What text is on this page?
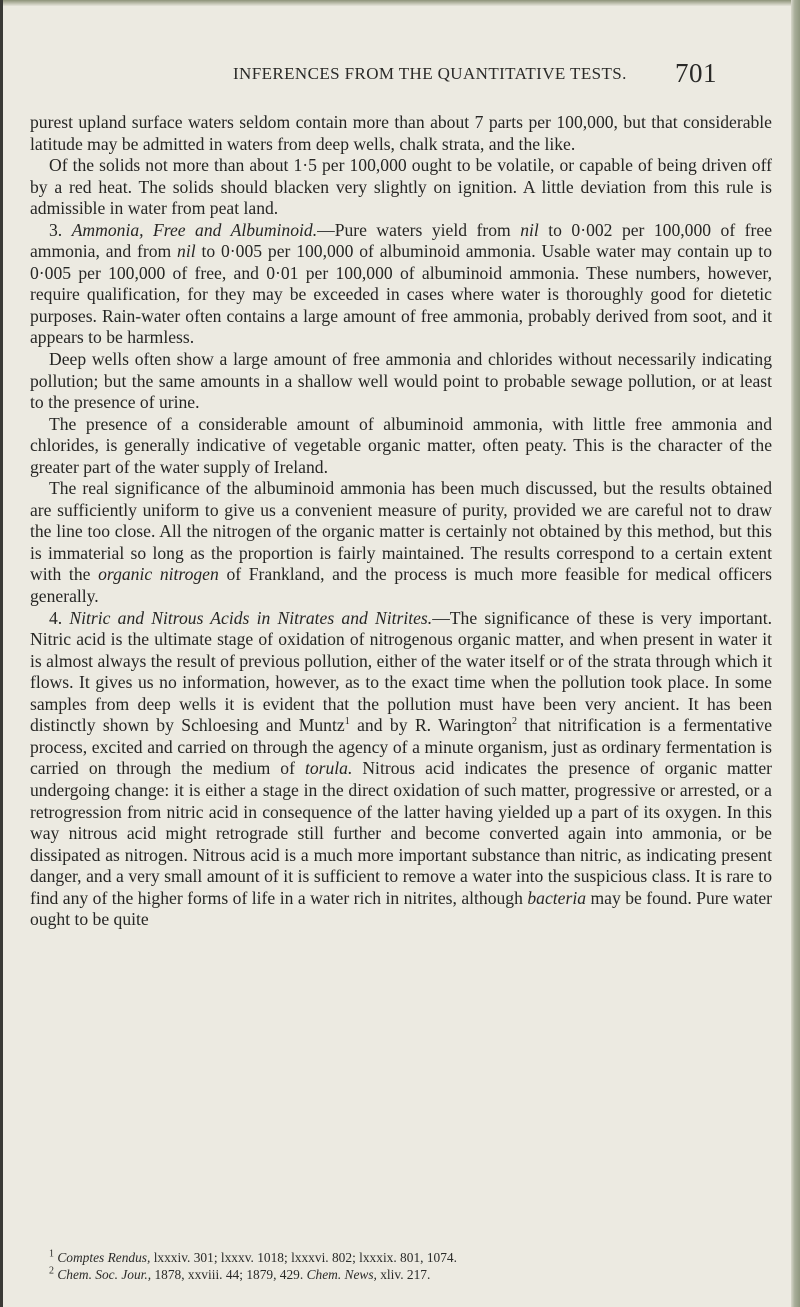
INFERENCES FROM THE QUANTITATIVE TESTS. 701

purest upland surface waters seldom contain more than about 7 parts per 100,000, but that considerable latitude may be admitted in waters from deep wells, chalk strata, and the like.

Of the solids not more than about 1·5 per 100,000 ought to be volatile, or capable of being driven off by a red heat. The solids should blacken very slightly on ignition. A little deviation from this rule is admissible in water from peat land.

3. Ammonia, Free and Albuminoid.—Pure waters yield from nil to 0·002 per 100,000 of free ammonia, and from nil to 0·005 per 100,000 of albuminoid ammonia. Usable water may contain up to 0·005 per 100,000 of free, and 0·01 per 100,000 of albuminoid ammonia. These numbers, however, require qualification, for they may be exceeded in cases where water is thoroughly good for dietetic purposes. Rain-water often contains a large amount of free ammonia, probably derived from soot, and it appears to be harmless.

Deep wells often show a large amount of free ammonia and chlorides without necessarily indicating pollution; but the same amounts in a shallow well would point to probable sewage pollution, or at least to the presence of urine.

The presence of a considerable amount of albuminoid ammonia, with little free ammonia and chlorides, is generally indicative of vegetable organic matter, often peaty. This is the character of the greater part of the water supply of Ireland.

The real significance of the albuminoid ammonia has been much discussed, but the results obtained are sufficiently uniform to give us a convenient measure of purity, provided we are careful not to draw the line too close. All the nitrogen of the organic matter is certainly not obtained by this method, but this is immaterial so long as the proportion is fairly maintained. The results correspond to a certain extent with the organic nitrogen of Frankland, and the process is much more feasible for medical officers generally.

4. Nitric and Nitrous Acids in Nitrates and Nitrites.—The significance of these is very important. Nitric acid is the ultimate stage of oxidation of nitrogenous organic matter, and when present in water it is almost always the result of previous pollution, either of the water itself or of the strata through which it flows. It gives us no information, however, as to the exact time when the pollution took place. In some samples from deep wells it is evident that the pollution must have been very ancient. It has been distinctly shown by Schloesing and Muntz$^1$ and by R. Warington$^2$ that nitrification is a fermentative process, excited and carried on through the agency of a minute organism, just as ordinary fermentation is carried on through the medium of torula. Nitrous acid indicates the presence of organic matter undergoing change: it is either a stage in the direct oxidation of such matter, progressive or arrested, or a retrogression from nitric acid in consequence of the latter having yielded up a part of its oxygen. In this way nitrous acid might retrograde still further and become converted again into ammonia, or be dissipated as nitrogen. Nitrous acid is a much more important substance than nitric, as indicating present danger, and a very small amount of it is sufficient to remove a water into the suspicious class. It is rare to find any of the higher forms of life in a water rich in nitrites, although bacteria may be found. Pure water ought to be quite

$^1$ Comptes Rendus, lxxxiv. 301; lxxxv. 1018; lxxxvi. 802; lxxxix. 801, 1074.

$^2$ Chem. Soc. Jour., 1878, xxviii. 44; 1879, 429. Chem. News, xliv. 217.
